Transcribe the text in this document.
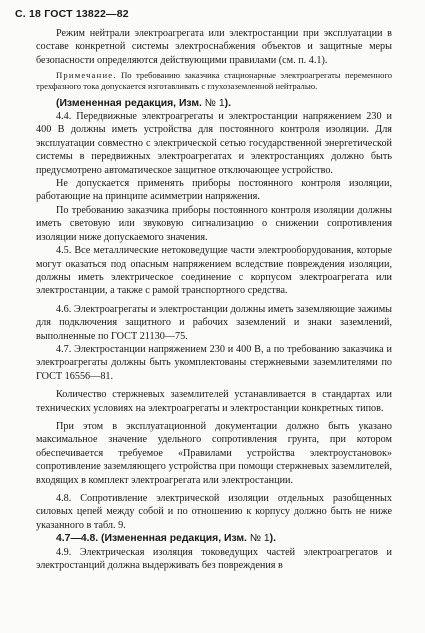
С. 18 ГОСТ 13822—82

Режим нейтрали электроагрегата или электростанции при эксплуатации в составе конкретной системы электроснабжения объектов и защитные меры безопасности определяются действующими правилами (см. п. 4.1).

Примечание. По требованию заказчика стационарные электроагрегаты переменного трехфазного тока допускается изготавливать с глухозаземленной нейтралью.

(Измененная редакция, Изм. № 1).

4.4. Передвижные электроагрегаты и электростанции напряжением 230 и 400 В должны иметь устройства для постоянного контроля изоляции. Для эксплуатации совместно с электрической сетью государственной энергетической системы в передвижных электроагрегатах и электростанциях должно быть предусмотрено автоматическое защитное отключающее устройство.

Не допускается применять приборы постоянного контроля изоляции, работающие на принципе асимметрии напряжения.

По требованию заказчика приборы постоянного контроля изоляции должны иметь световую или звуковую сигнализацию о снижении сопротивления изоляции ниже допускаемого значения.

4.5. Все металлические нетоковедущие части электрооборудования, которые могут оказаться под опасным напряжением вследствие повреждения изоляции, должны иметь электрическое соединение с корпусом электроагрегата или электростанции, а также с рамой транспортного средства.

4.6. Электроагрегаты и электростанции должны иметь заземляющие зажимы для подключения защитного и рабочих заземлений и знаки заземлений, выполненные по ГОСТ 21130—75.

4.7. Электростанции напряжением 230 и 400 В, а по требованию заказчика и электроагрегаты должны быть укомплектованы стержневыми заземлителями по ГОСТ 16556—81.

Количество стержневых заземлителей устанавливается в стандартах или технических условиях на электроагрегаты и электростанции конкретных типов.

При этом в эксплуатационной документации должно быть указано максимальное значение удельного сопротивления грунта, при котором обеспечивается требуемое «Правилами устройства электроустановок» сопротивление заземляющего устройства при помощи стержневых заземлителей, входящих в комплект электроагрегата или электростанции.

4.8. Сопротивление электрической изоляции отдельных разобщенных силовых цепей между собой и по отношению к корпусу должно быть не ниже указанного в табл. 9.

4.7—4.8. (Измененная редакция, Изм. № 1).

4.9. Электрическая изоляция токоведущих частей электроагрегатов и электростанций должна выдерживать без повреждения в
